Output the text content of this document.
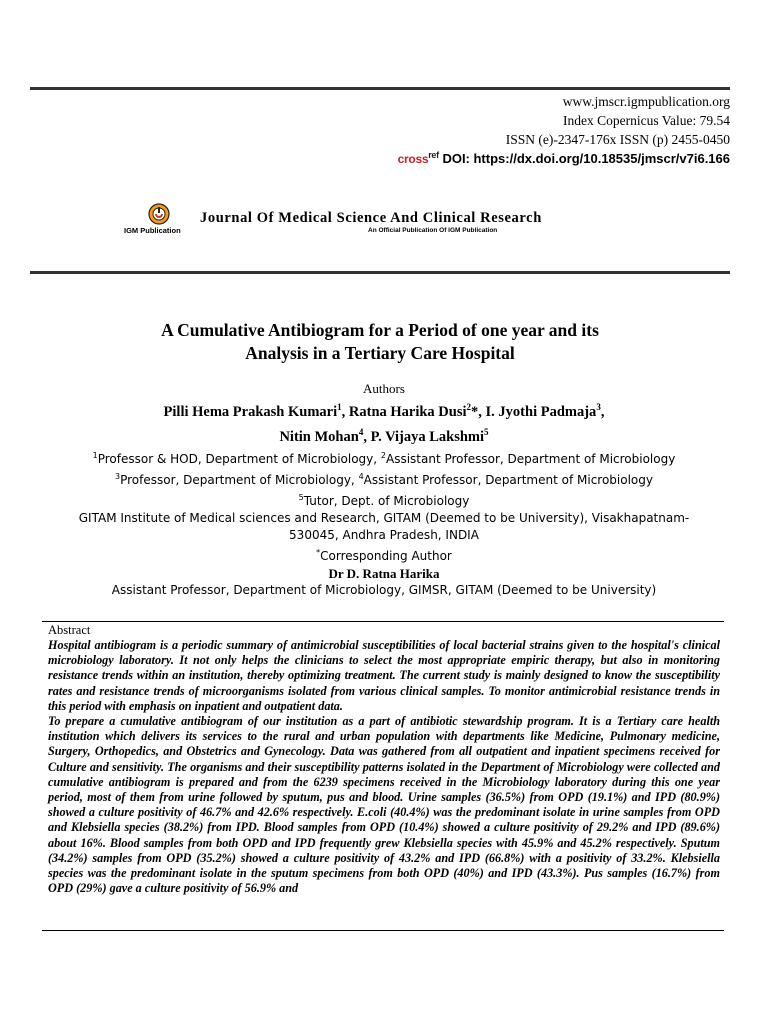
www.jmscr.igmpublication.org
Index Copernicus Value: 79.54
ISSN (e)-2347-176x ISSN (p) 2455-0450
cross$^{ref}$ DOI: https://dx.doi.org/10.18535/jmscr/v7i6.166
IGM Publication
Journal Of Medical Science And Clinical Research
An Official Publication Of IGM Publication
A Cumulative Antibiogram for a Period of one year and its
Analysis in a Tertiary Care Hospital
Authors
Pilli Hema Prakash Kumari$^1$, Ratna Harika Dusi$^2$*, I. Jyothi Padmaja$^3$,
Nitin Mohan$^4$, P. Vijaya Lakshmi$^5$
$^1$Professor & HOD, Department of Microbiology, $^2$Assistant Professor, Department of Microbiology
$^3$Professor, Department of Microbiology, $^4$Assistant Professor, Department of Microbiology
$^5$Tutor, Dept. of Microbiology
GITAM Institute of Medical sciences and Research, GITAM (Deemed to be University), Visakhapatnam-530045, Andhra Pradesh, INDIA
*Corresponding Author
Dr D. Ratna Harika
Assistant Professor, Department of Microbiology, GIMSR, GITAM (Deemed to be University)
Abstract

Hospital antibiogram is a periodic summary of antimicrobial susceptibilities of local bacterial strains given to the hospital's clinical microbiology laboratory. It not only helps the clinicians to select the most appropriate empiric therapy, but also in monitoring resistance trends within an institution, thereby optimizing treatment. The current study is mainly designed to know the susceptibility rates and resistance trends of microorganisms isolated from various clinical samples. To monitor antimicrobial resistance trends in this period with emphasis on inpatient and outpatient data.

To prepare a cumulative antibiogram of our institution as a part of antibiotic stewardship program. It is a Tertiary care health institution which delivers its services to the rural and urban population with departments like Medicine, Pulmonary medicine, Surgery, Orthopedics, and Obstetrics and Gynecology. Data was gathered from all outpatient and inpatient specimens received for Culture and sensitivity. The organisms and their susceptibility patterns isolated in the Department of Microbiology were collected and cumulative antibiogram is prepared and from the 6239 specimens received in the Microbiology laboratory during this one year period, most of them from urine followed by sputum, pus and blood. Urine samples (36.5%) from OPD (19.1%) and IPD (80.9%) showed a culture positivity of 46.7% and 42.6% respectively. E.coli (40.4%) was the predominant isolate in urine samples from OPD and Klebsiella species (38.2%) from IPD. Blood samples from OPD (10.4%) showed a culture positivity of 29.2% and IPD (89.6%) about 16%. Blood samples from both OPD and IPD frequently grew Klebsiella species with 45.9% and 45.2% respectively. Sputum (34.2%) samples from OPD (35.2%) showed a culture positivity of 43.2% and IPD (66.8%) with a positivity of 33.2%. Klebsiella species was the predominant isolate in the sputum specimens from both OPD (40%) and IPD (43.3%). Pus samples (16.7%) from OPD (29%) gave a culture positivity of 56.9% and
